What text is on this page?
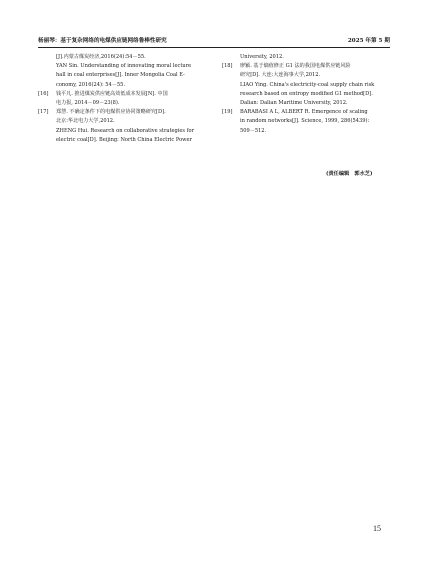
杨丽琴：基于复杂网络的电煤供应链网络鲁棒性研究	2025 年第 5 期
[J].内蒙古煤炭经济,2016(24):54－55.
YAN Sin. Understanding of innovating moral lecture
hall in coal enterprises[J]. Inner Mongolia Coal E-
conomy, 2016(24): 54－55.
[16] 钱平凡. 推进煤炭供应链高效低成本发展[N]. 中国
电力报, 2014－09－23(8).
[17] 郑慧. 不确定条件下的电煤供应协同策略研究[D].
北京:华北电力大学,2012.
ZHENG Hui. Research on collaborative strategies for
electric coal[D]. Beijing: North China Electric Power
University, 2012.
[18] 廖颖. 基于熵值修正 G1 法的我国电煤供应链风险
研究[D]. 大连:大连海事大学,2012.
LIAO Ying. China's electricity-coal supply chain risk
research based on entropy modified G1 method[D].
Dalian: Dalian Maritime University, 2012.
[19] BARABASI A L, ALBERT R. Emergence of scaling
in random networks[J]. Science, 1999, 286(5439):
509－512.
(责任编辑　郭水芝)
15
